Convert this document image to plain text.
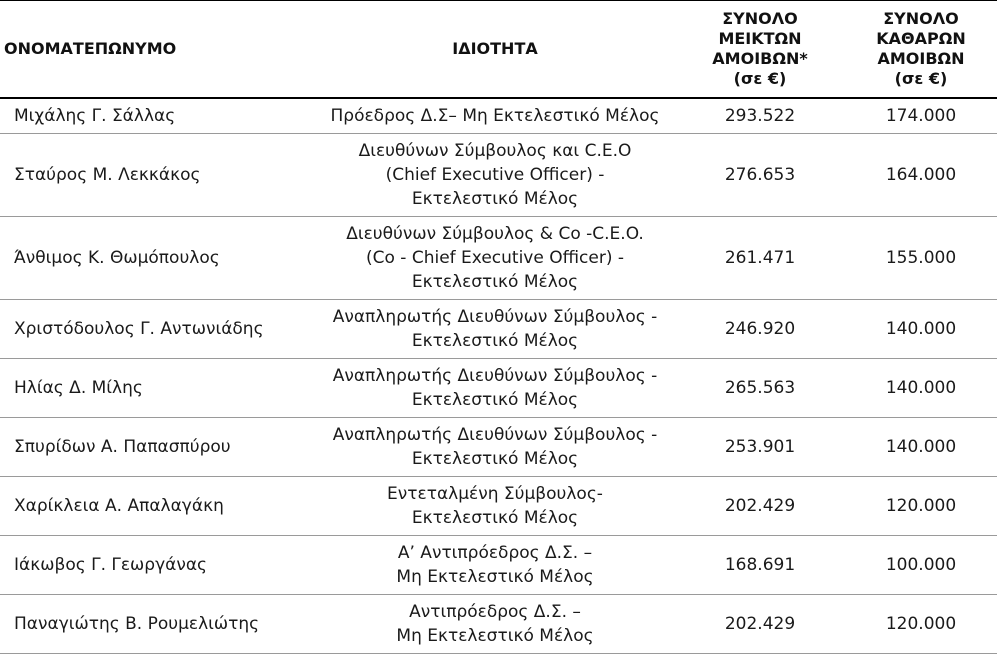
ΟΝΟΜΑΤΕΠΩΝΥΜΟ	ΙΔΙΟΤΗΤΑ	ΣΥΝΟΛΟ
ΜΕΙΚΤΩΝ
ΑΜΟΙΒΩΝ*
(σε €)	ΣΥΝΟΛΟ
ΚΑΘΑΡΩΝ
ΑΜΟΙΒΩΝ
(σε €)

Μιχάλης Γ. Σάλλας	Πρόεδρος Δ.Σ– Μη Εκτελεστικό Μέλος	293.522	174.000
Σταύρος Μ. Λεκκάκος	Διευθύνων Σύμβουλος και C.E.O
(Chief Executive Officer) -
Εκτελεστικό Μέλος	276.653	164.000
Άνθιμος Κ. Θωμόπουλος	Διευθύνων Σύμβουλος & Co -C.E.O.
(Co - Chief Executive Officer) -
Εκτελεστικό Μέλος	261.471	155.000
Χριστόδουλος Γ. Αντωνιάδης	Αναπληρωτής Διευθύνων Σύμβουλος -
Εκτελεστικό Μέλος	246.920	140.000
Ηλίας Δ. Μίλης	Αναπληρωτής Διευθύνων Σύμβουλος -
Εκτελεστικό Μέλος	265.563	140.000
Σπυρίδων Α. Παπασπύρου	Αναπληρωτής Διευθύνων Σύμβουλος -
Εκτελεστικό Μέλος	253.901	140.000
Χαρίκλεια Α. Απαλαγάκη	Εντεταλμένη Σύμβουλος-
Εκτελεστικό Μέλος	202.429	120.000
Ιάκωβος Γ. Γεωργάνας	Α’ Αντιπρόεδρος Δ.Σ. –
Μη Εκτελεστικό Μέλος	168.691	100.000
Παναγιώτης Β. Ρουμελιώτης	Αντιπρόεδρος Δ.Σ. –
Μη Εκτελεστικό Μέλος	202.429	120.000
